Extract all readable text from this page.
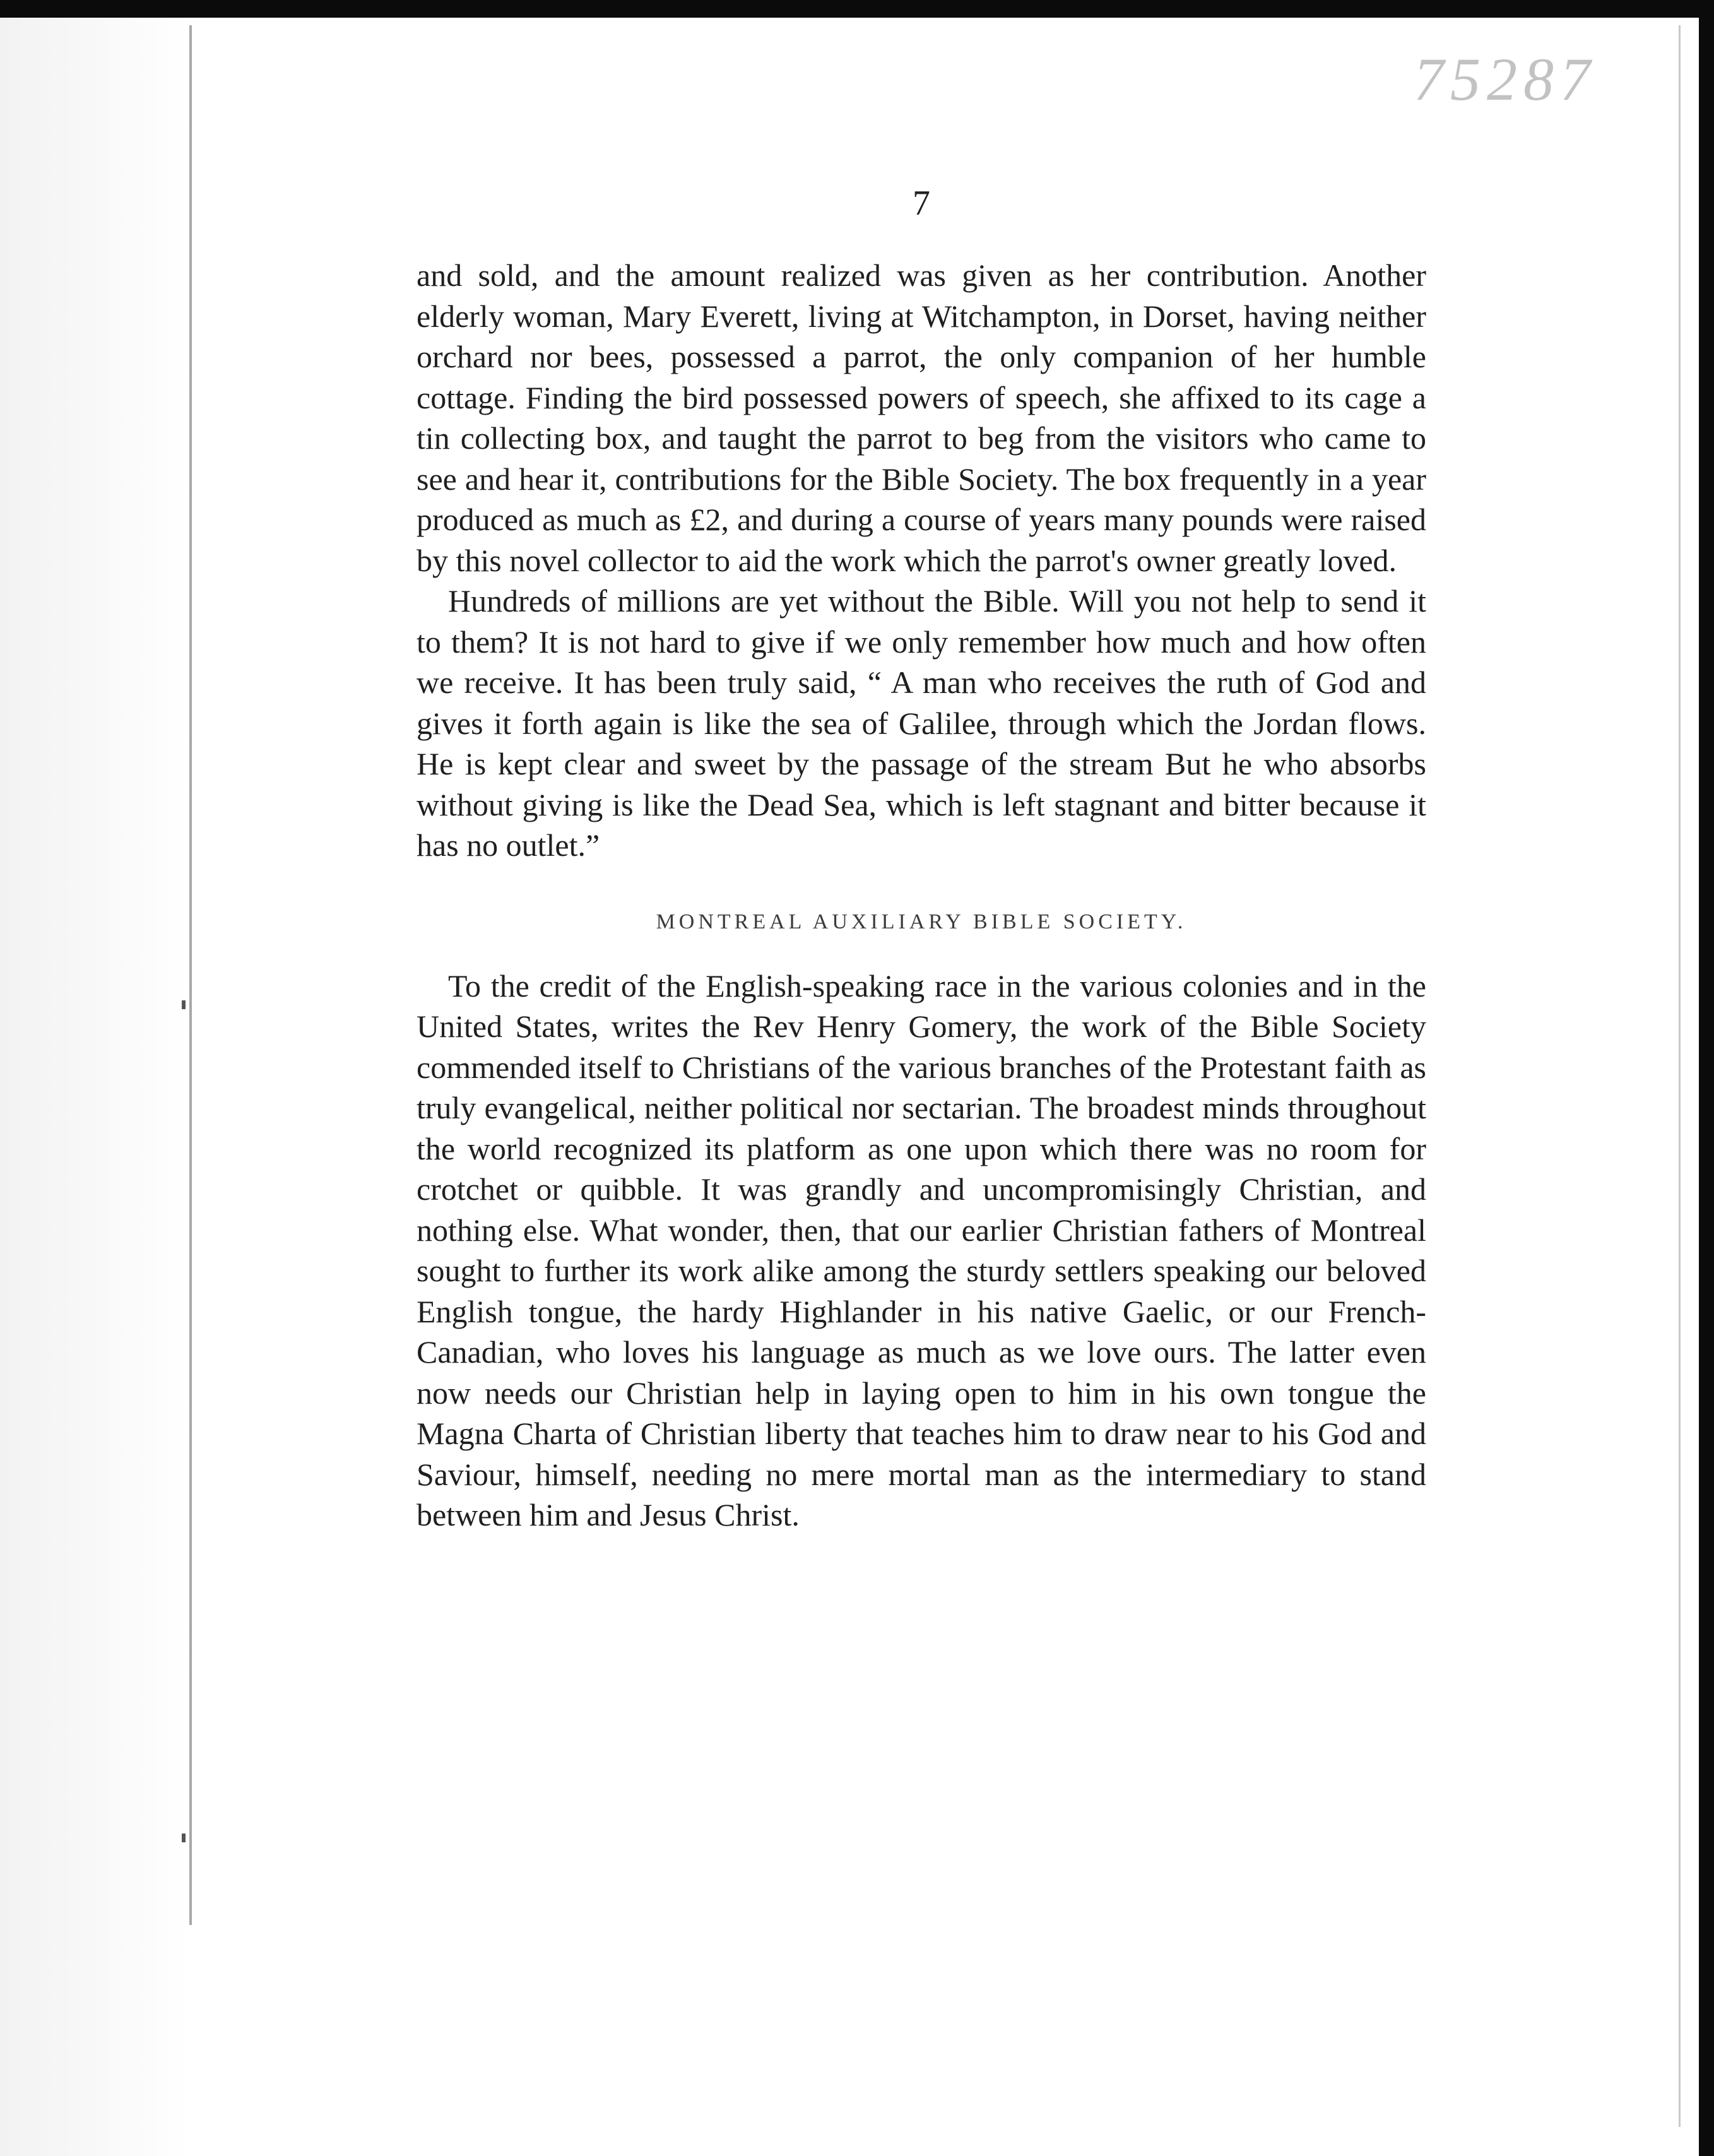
75287
7

and sold, and the amount realized was given as her contribution. Another elderly woman, Mary Everett, living at Witchampton, in Dorset, having neither orchard nor bees, possessed a parrot, the only companion of her humble cottage. Finding the bird possessed powers of speech, she affixed to its cage a tin collecting box, and taught the parrot to beg from the visitors who came to see and hear it, contributions for the Bible Society. The box frequently in a year produced as much as £2, and during a course of years many pounds were raised by this novel collector to aid the work which the parrot's owner greatly loved.

Hundreds of millions are yet without the Bible. Will you not help to send it to them? It is not hard to give if we only remember how much and how often we receive. It has been truly said, “ A man who receives the ruth of God and gives it forth again is like the sea of Galilee, through which the Jordan flows. He is kept clear and sweet by the passage of the stream But he who absorbs without giving is like the Dead Sea, which is left stagnant and bitter because it has no outlet.”

MONTREAL AUXILIARY BIBLE SOCIETY.

To the credit of the English-speaking race in the various colonies and in the United States, writes the Rev Henry Gomery, the work of the Bible Society commended itself to Christians of the various branches of the Protestant faith as truly evangelical, neither political nor sectarian. The broadest minds throughout the world recognized its platform as one upon which there was no room for crotchet or quibble. It was grandly and uncompromisingly Christian, and nothing else. What wonder, then, that our earlier Christian fathers of Montreal sought to further its work alike among the sturdy settlers speaking our beloved English tongue, the hardy Highlander in his native Gaelic, or our French-Canadian, who loves his language as much as we love ours. The latter even now needs our Christian help in laying open to him in his own tongue the Magna Charta of Christian liberty that teaches him to draw near to his God and Saviour, himself, needing no mere mortal man as the intermediary to stand between him and Jesus Christ.
